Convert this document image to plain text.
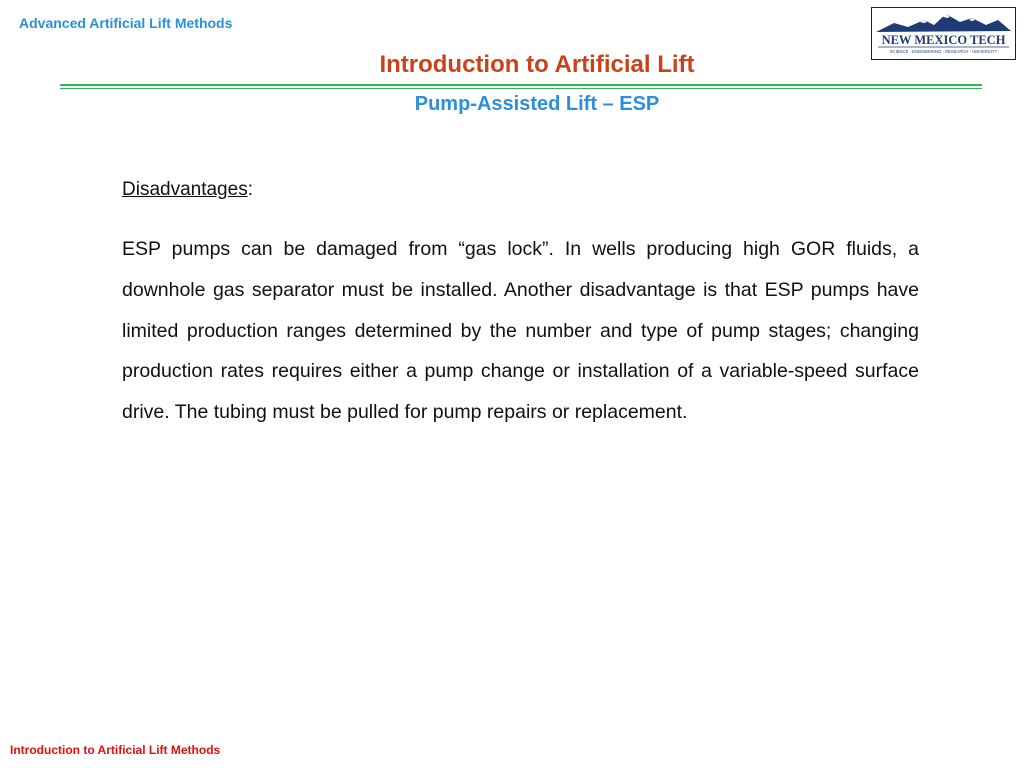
Advanced Artificial Lift Methods
Introduction to Artificial Lift
Pump-Assisted Lift – ESP
NEW MEXICO TECH
SCIENCE · ENGINEERING · RESEARCH · UNIVERSITY
Disadvantages:

ESP pumps can be damaged from “gas lock”. In wells producing high GOR fluids, a downhole gas separator must be installed. Another disadvantage is that ESP pumps have limited production ranges determined by the number and type of pump stages; changing production rates requires either a pump change or installation of a variable-speed surface drive. The tubing must be pulled for pump repairs or replacement.

Introduction to Artificial Lift Methods
